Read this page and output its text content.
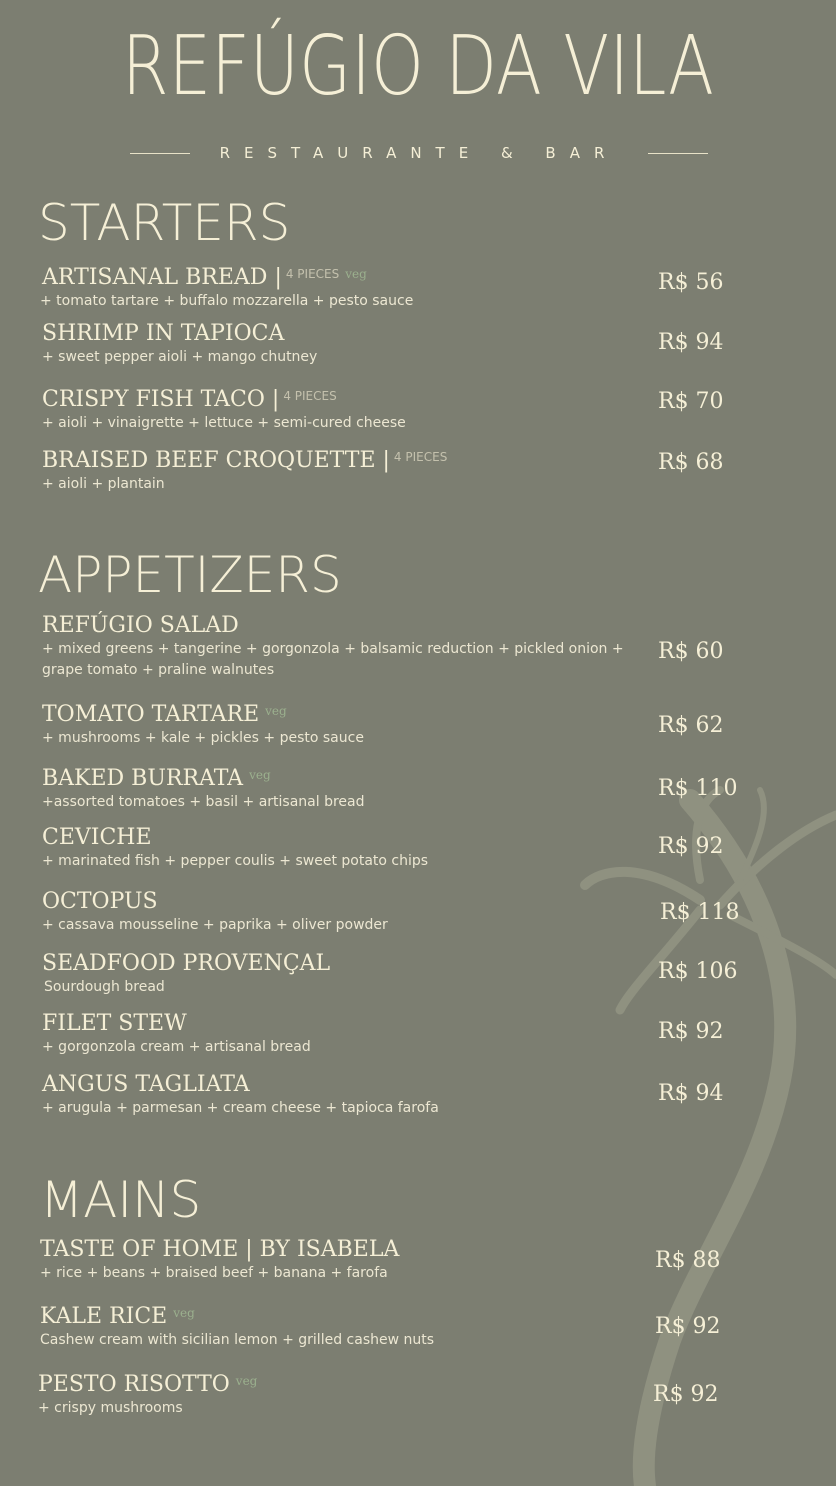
REFÚGIO DA VILA
RESTAURANTE & BAR
STARTERS
ARTISANAL BREAD | $^{4 PIECES}$ $^{veg}$
+ tomato tartare + buffalo mozzarella + pesto sauce
R$ 56
SHRIMP IN TAPIOCA
+ sweet pepper aioli + mango chutney
R$ 94
CRISPY FISH TACO | $^{4 PIECES}$
+ aioli + vinaigrette + lettuce + semi-cured cheese
R$ 70
BRAISED BEEF CROQUETTE | $^{4 PIECES}$
+ aioli + plantain
R$ 68
APPETIZERS
REFÚGIO SALAD
+ mixed greens + tangerine + gorgonzola + balsamic reduction + pickled onion + grape tomato + praline walnutes
R$ 60
TOMATO TARTARE $^{veg}$
+ mushrooms + kale + pickles + pesto sauce	R$ 62
BAKED BURRATA $^{veg}$
+assorted tomatoes + basil + artisanal bread
R$ 110
CEVICHE
+ marinated fish + pepper coulis + sweet potato chips
R$ 92
OCTOPUS
+ cassava mousseline + paprika + oliver powder	R$ 118
SEADFOOD PROVENÇAL
Sourdough bread
R$ 106
FILET STEW
+ gorgonzola cream + artisanal bread
R$ 92
ANGUS TAGLIATA
+ arugula + parmesan + cream cheese + tapioca farofa
R$ 94
MAINS
TASTE OF HOME | BY ISABELA
+ rice + beans + braised beef + banana + farofa	R$ 88
KALE RICE $^{veg}$
Cashew cream with sicilian lemon + grilled cashew nuts
R$ 92
PESTO RISOTTO $^{veg}$
+ crispy mushrooms
R$ 92
